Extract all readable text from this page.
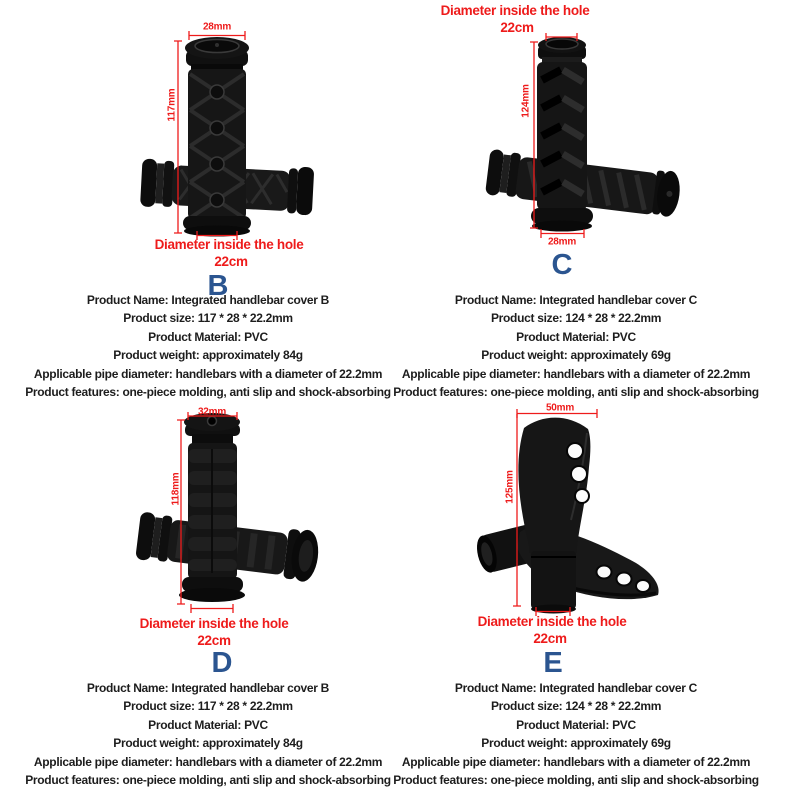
28mm
117mm
Diameter inside the hole
22cm
B
Product Name: Integrated handlebar cover B
Product size: 117 * 28 * 22.2mm
Product Material: PVC
Product weight: approximately 84g
Applicable pipe diameter: handlebars with a diameter of 22.2mm
Product features: one-piece molding, anti slip and shock-absorbing
Diameter inside the hole
22cm
124mm
28mm
C
Product Name: Integrated handlebar cover C
Product size: 124 * 28 * 22.2mm
Product Material: PVC
Product weight: approximately 69g
Applicable pipe diameter: handlebars with a diameter of 22.2mm
Product features: one-piece molding, anti slip and shock-absorbing
32mm
118mm
Diameter inside the hole
22cm
D
Product Name: Integrated handlebar cover B
Product size: 117 * 28 * 22.2mm
Product Material: PVC
Product weight: approximately 84g
Applicable pipe diameter: handlebars with a diameter of 22.2mm
Product features: one-piece molding, anti slip and shock-absorbing
50mm
125mm
Diameter inside the hole
22cm
E
Product Name: Integrated handlebar cover C
Product size: 124 * 28 * 22.2mm
Product Material: PVC
Product weight: approximately 69g
Applicable pipe diameter: handlebars with a diameter of 22.2mm
Product features: one-piece molding, anti slip and shock-absorbing
